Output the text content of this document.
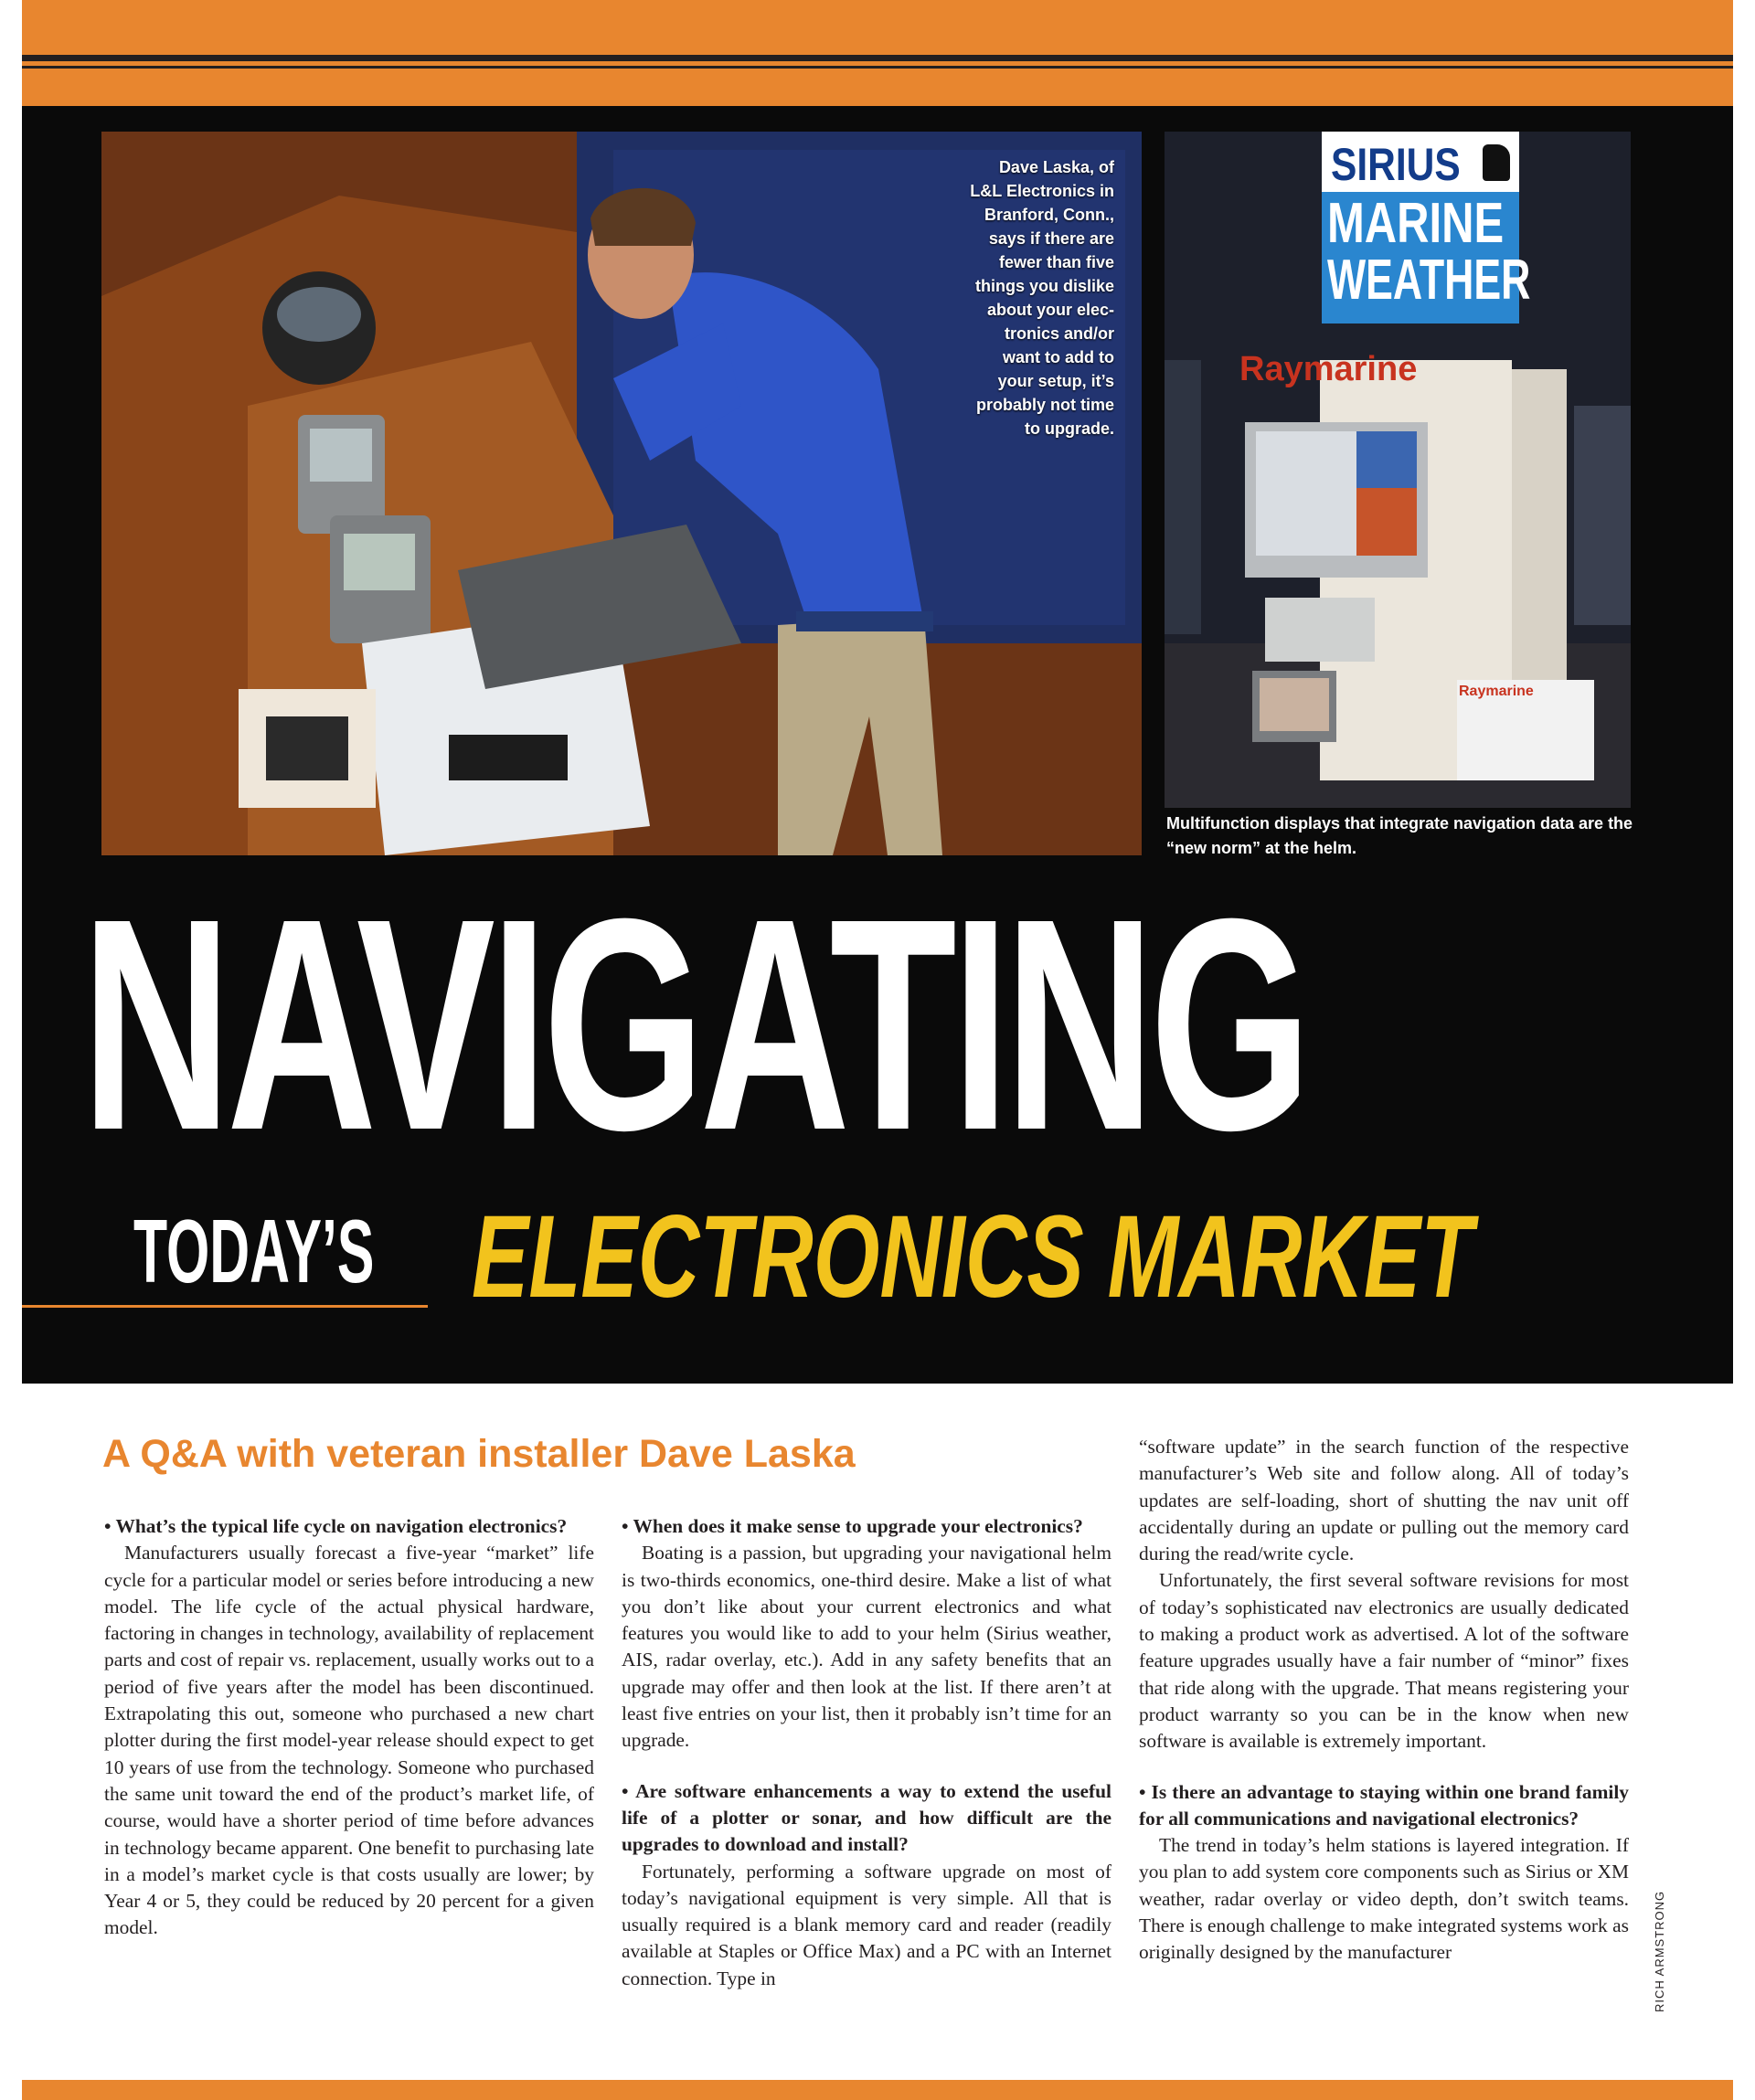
Dave Laska, of
L&L Electronics in
Branford, Conn.,
says if there are
fewer than five
things you dislike
about your elec-
tronics and/or
want to add to
your setup, it’s
probably not time
to upgrade.
SIRIUS
MARINE
WEATHER
Raymarine
Raymarine
Multifunction displays that integrate navigation data are the “new norm” at the helm.
NAVIGATING
TODAY’S ELECTRONICS MARKET
A Q&A with veteran installer Dave Laska

• What’s the typical life cycle on navigation electronics?

Manufacturers usually forecast a five-year “market” life cycle for a particular model or series before introducing a new model. The life cycle of the actual physical hardware, factoring in changes in technology, availability of replacement parts and cost of repair vs. replacement, usually works out to a period of five years after the model has been discontinued. Extrapolating this out, someone who purchased a new chart plotter during the first model-year release should expect to get 10 years of use from the technology. Someone who purchased the same unit toward the end of the product’s market life, of course, would have a shorter period of time before advances in technology became apparent. One benefit to purchasing late in a model’s market cycle is that costs usually are lower; by Year 4 or 5, they could be reduced by 20 percent for a given model.

• When does it make sense to upgrade your electronics?

Boating is a passion, but upgrading your navigational helm is two-thirds economics, one-third desire. Make a list of what you don’t like about your current electronics and what features you would like to add to your helm (Sirius weather, AIS, radar overlay, etc.). Add in any safety benefits that an upgrade may offer and then look at the list. If there aren’t at least five entries on your list, then it probably isn’t time for an upgrade.

• Are software enhancements a way to extend the useful life of a plotter or sonar, and how difficult are the upgrades to download and install?

Fortunately, performing a software upgrade on most of today’s navigational equipment is very simple. All that is usually required is a blank memory card and reader (readily available at Staples or Office Max) and a PC with an Internet connection. Type in

“software update” in the search function of the respective manufacturer’s Web site and follow along. All of today’s updates are self-loading, short of shutting the nav unit off accidentally during an update or pulling out the memory card during the read/write cycle.

Unfortunately, the first several software revisions for most of today’s sophisticated nav electronics are usually dedicated to making a product work as advertised. A lot of the software feature upgrades usually have a fair number of “minor” fixes that ride along with the upgrade. That means registering your product warranty so you can be in the know when new software is available is extremely important.

• Is there an advantage to staying within one brand family for all communications and navigational electronics?

The trend in today’s helm stations is layered integration. If you plan to add system core components such as Sirius or XM weather, radar overlay or video depth, don’t switch teams. There is enough challenge to make integrated systems work as originally designed by the manufacturer	RICH ARMSTRONG
